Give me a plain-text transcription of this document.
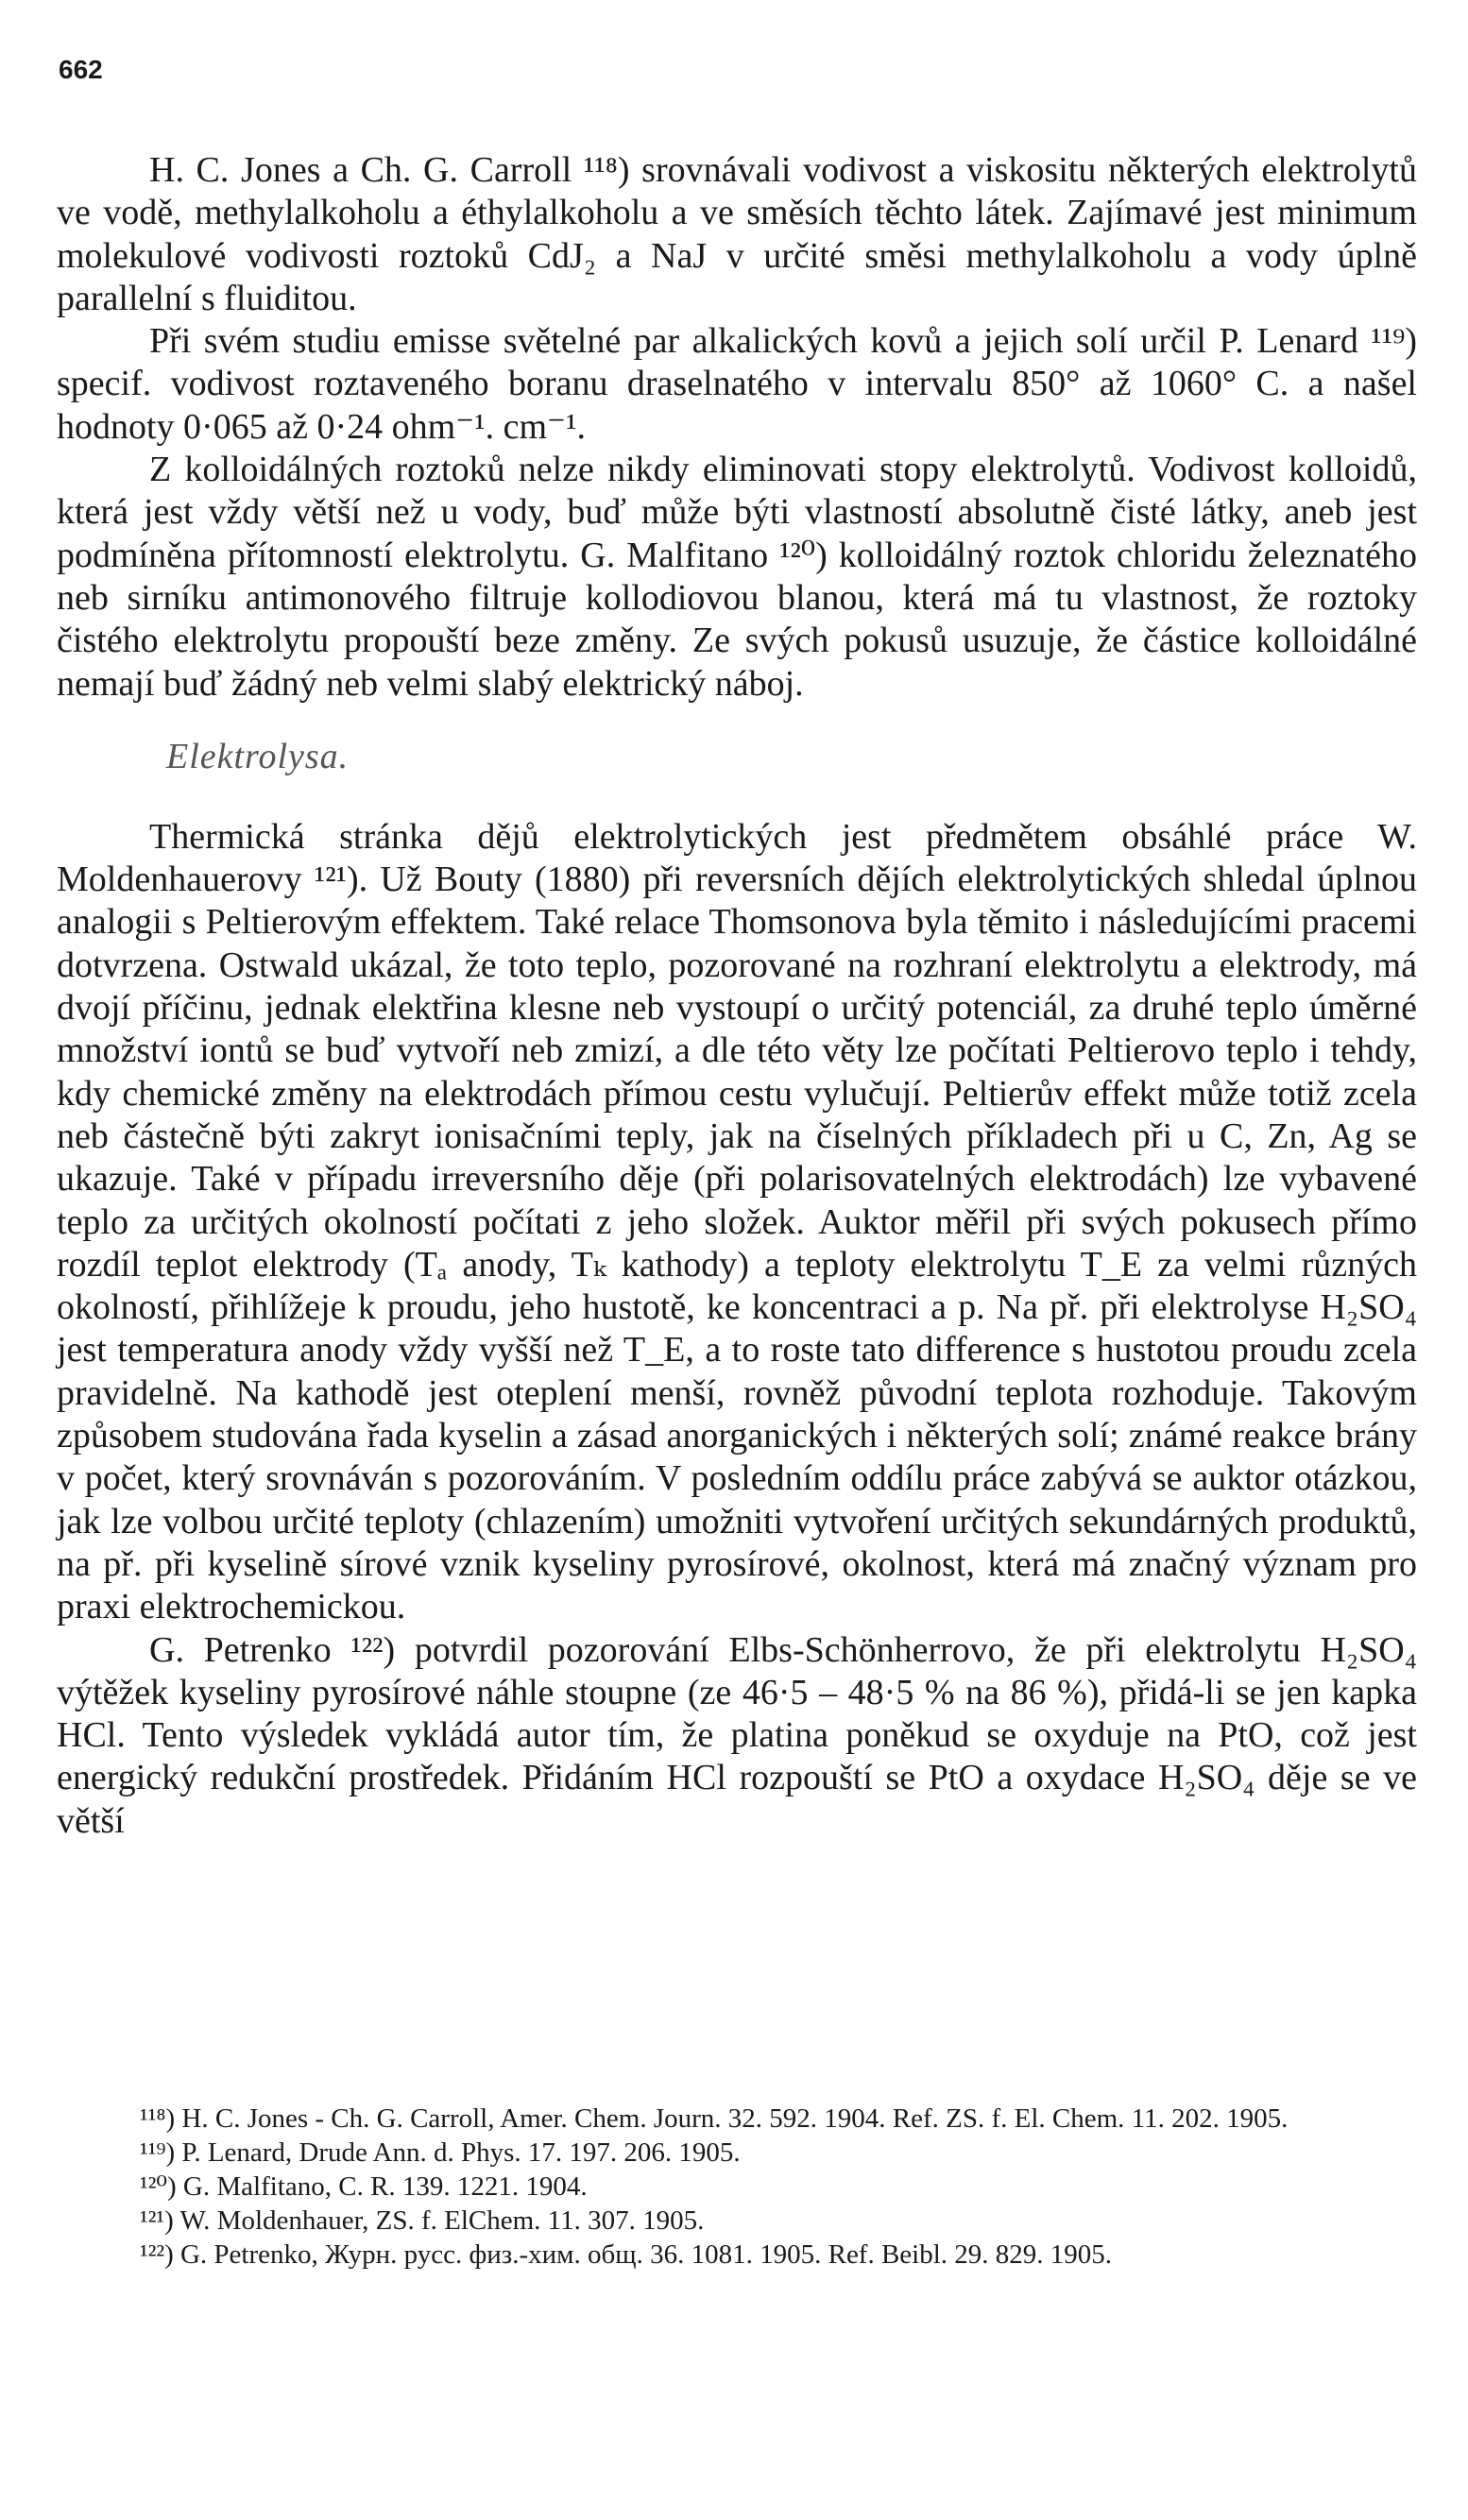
662

H. C. Jones a Ch. G. Carroll ¹¹⁸) srovnávali vodivost a viskositu některých elektrolytů ve vodě, methylalkoholu a éthylalkoholu a ve směsích těchto látek. Zajímavé jest minimum molekulové vodivosti roztoků CdJ₂ a NaJ v určité směsi methylalkoholu a vody úplně parallelní s fluiditou.

Při svém studiu emisse světelné par alkalických kovů a jejich solí určil P. Lenard ¹¹⁹) specif. vodivost roztaveného boranu draselnatého v intervalu 850° až 1060° C. a našel hodnoty 0·065 až 0·24 ohm⁻¹. cm⁻¹.

Z kolloidálných roztoků nelze nikdy eliminovati stopy elektrolytů. Vodivost kolloidů, která jest vždy větší než u vody, buď může býti vlastností absolutně čisté látky, aneb jest podmíněna přítomností elektrolytu. G. Malfitano ¹²⁰) kolloidálný roztok chloridu železnatého neb sirníku antimonového filtruje kollodiovou blanou, která má tu vlastnost, že roztoky čistého elektrolytu propouští beze změny. Ze svých pokusů usuzuje, že částice kolloidálné nemají buď žádný neb velmi slabý elektrický náboj.

Elektrolysa.

Thermická stránka dějů elektrolytických jest předmětem obsáhlé práce W. Moldenhauerovy ¹²¹). Už Bouty (1880) při reversních dějích elektrolytických shledal úplnou analogii s Peltierovým effektem. Také relace Thomsonova byla těmito i následujícími pracemi dotvrzena. Ostwald ukázal, že toto teplo, pozorované na rozhraní elektrolytu a elektrody, má dvojí příčinu, jednak elektřina klesne neb vystoupí o určitý potenciál, za druhé teplo úměrné množství iontů se buď vytvoří neb zmizí, a dle této věty lze počítati Peltierovo teplo i tehdy, kdy chemické změny na elektrodách přímou cestu vylučují. Peltierův effekt může totiž zcela neb částečně býti zakryt ionisačními teply, jak na číselných příkladech při u C, Zn, Ag se ukazuje. Také v případu irreversního děje (při polarisovatelných elektrodách) lze vybavené teplo za určitých okolností počítati z jeho složek. Auktor měřil při svých pokusech přímo rozdíl teplot elektrody (Tₐ anody, Tₖ kathody) a teploty elektrolytu T_E za velmi různých okolností, přihlížeje k proudu, jeho hustotě, ke koncentraci a p. Na př. při elektrolyse H₂SO₄ jest temperatura anody vždy vyšší než T_E, a to roste tato difference s hustotou proudu zcela pravidelně. Na kathodě jest oteplení menší, rovněž původní teplota rozhoduje. Takovým způsobem studována řada kyselin a zásad anorganických i některých solí; známé reakce brány v počet, který srovnáván s pozorováním. V posledním oddílu práce zabývá se auktor otázkou, jak lze volbou určité teploty (chlazením) umožniti vytvoření určitých sekundárných produktů, na př. při kyselině sírové vznik kyseliny pyrosírové, okolnost, která má značný význam pro praxi elektrochemickou.

G. Petrenko ¹²²) potvrdil pozorování Elbs-Schönherrovo, že při elektrolytu H₂SO₄ výtěžek kyseliny pyrosírové náhle stoupne (ze 46·5 – 48·5 % na 86 %), přidá-li se jen kapka HCl. Tento výsledek vykládá autor tím, že platina poněkud se oxyduje na PtO, což jest energický redukční prostředek. Přidáním HCl rozpouští se PtO a oxydace H₂SO₄ děje se ve větší

¹¹⁸) H. C. Jones - Ch. G. Carroll, Amer. Chem. Journ. 32. 592. 1904. Ref. ZS. f. El. Chem. 11. 202. 1905.

¹¹⁹) P. Lenard, Drude Ann. d. Phys. 17. 197. 206. 1905.

¹²⁰) G. Malfitano, C. R. 139. 1221. 1904.

¹²¹) W. Moldenhauer, ZS. f. ElChem. 11. 307. 1905.

¹²²) G. Petrenko, Журн. русс. физ.-хим. общ. 36. 1081. 1905. Ref. Beibl. 29. 829. 1905.
